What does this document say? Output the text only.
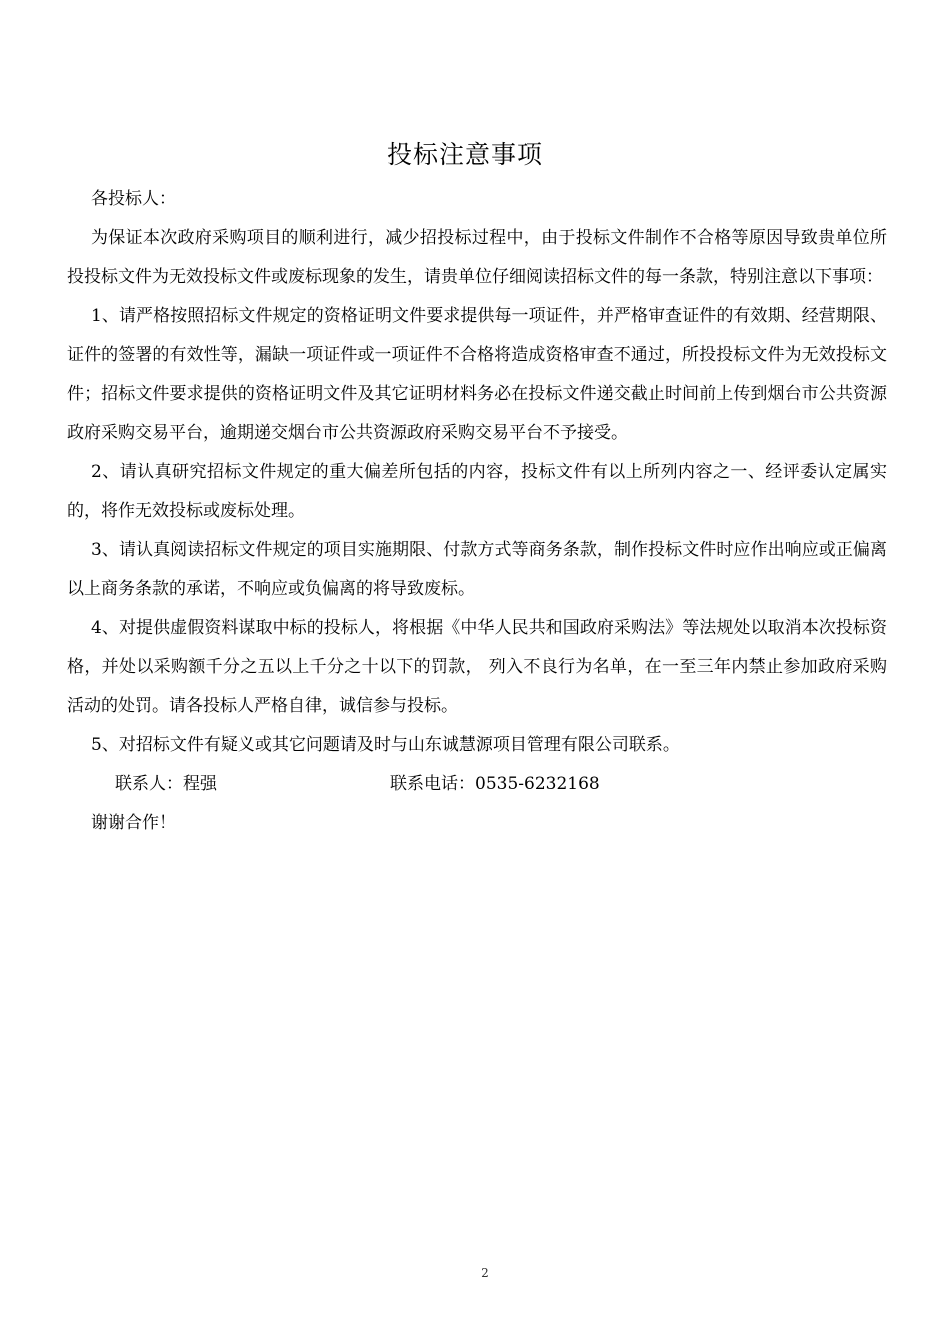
投标注意事项

各投标人：

为保证本次政府采购项目的顺利进行，减少招投标过程中，由于投标文件制作不合格等原因导致贵单位所投投标文件为无效投标文件或废标现象的发生，请贵单位仔细阅读招标文件的每一条款，特别注意以下事项：

1、请严格按照招标文件规定的资格证明文件要求提供每一项证件，并严格审查证件的有效期、经营期限、证件的签署的有效性等，漏缺一项证件或一项证件不合格将造成资格审查不通过，所投投标文件为无效投标文件；招标文件要求提供的资格证明文件及其它证明材料务必在投标文件递交截止时间前上传到烟台市公共资源政府采购交易平台，逾期递交烟台市公共资源政府采购交易平台不予接受。

2、请认真研究招标文件规定的重大偏差所包括的内容，投标文件有以上所列内容之一、经评委认定属实的，将作无效投标或废标处理。

3、请认真阅读招标文件规定的项目实施期限、付款方式等商务条款，制作投标文件时应作出响应或正偏离以上商务条款的承诺，不响应或负偏离的将导致废标。

4、对提供虚假资料谋取中标的投标人，将根据《中华人民共和国政府采购法》等法规处以取消本次投标资格，并处以采购额千分之五以上千分之十以下的罚款， 列入不良行为名单，在一至三年内禁止参加政府采购活动的处罚。请各投标人严格自律，诚信参与投标。

5、对招标文件有疑义或其它问题请及时与山东诚慧源项目管理有限公司联系。

联系人：程强	联系电话：0535-6232168

谢谢合作！

2
